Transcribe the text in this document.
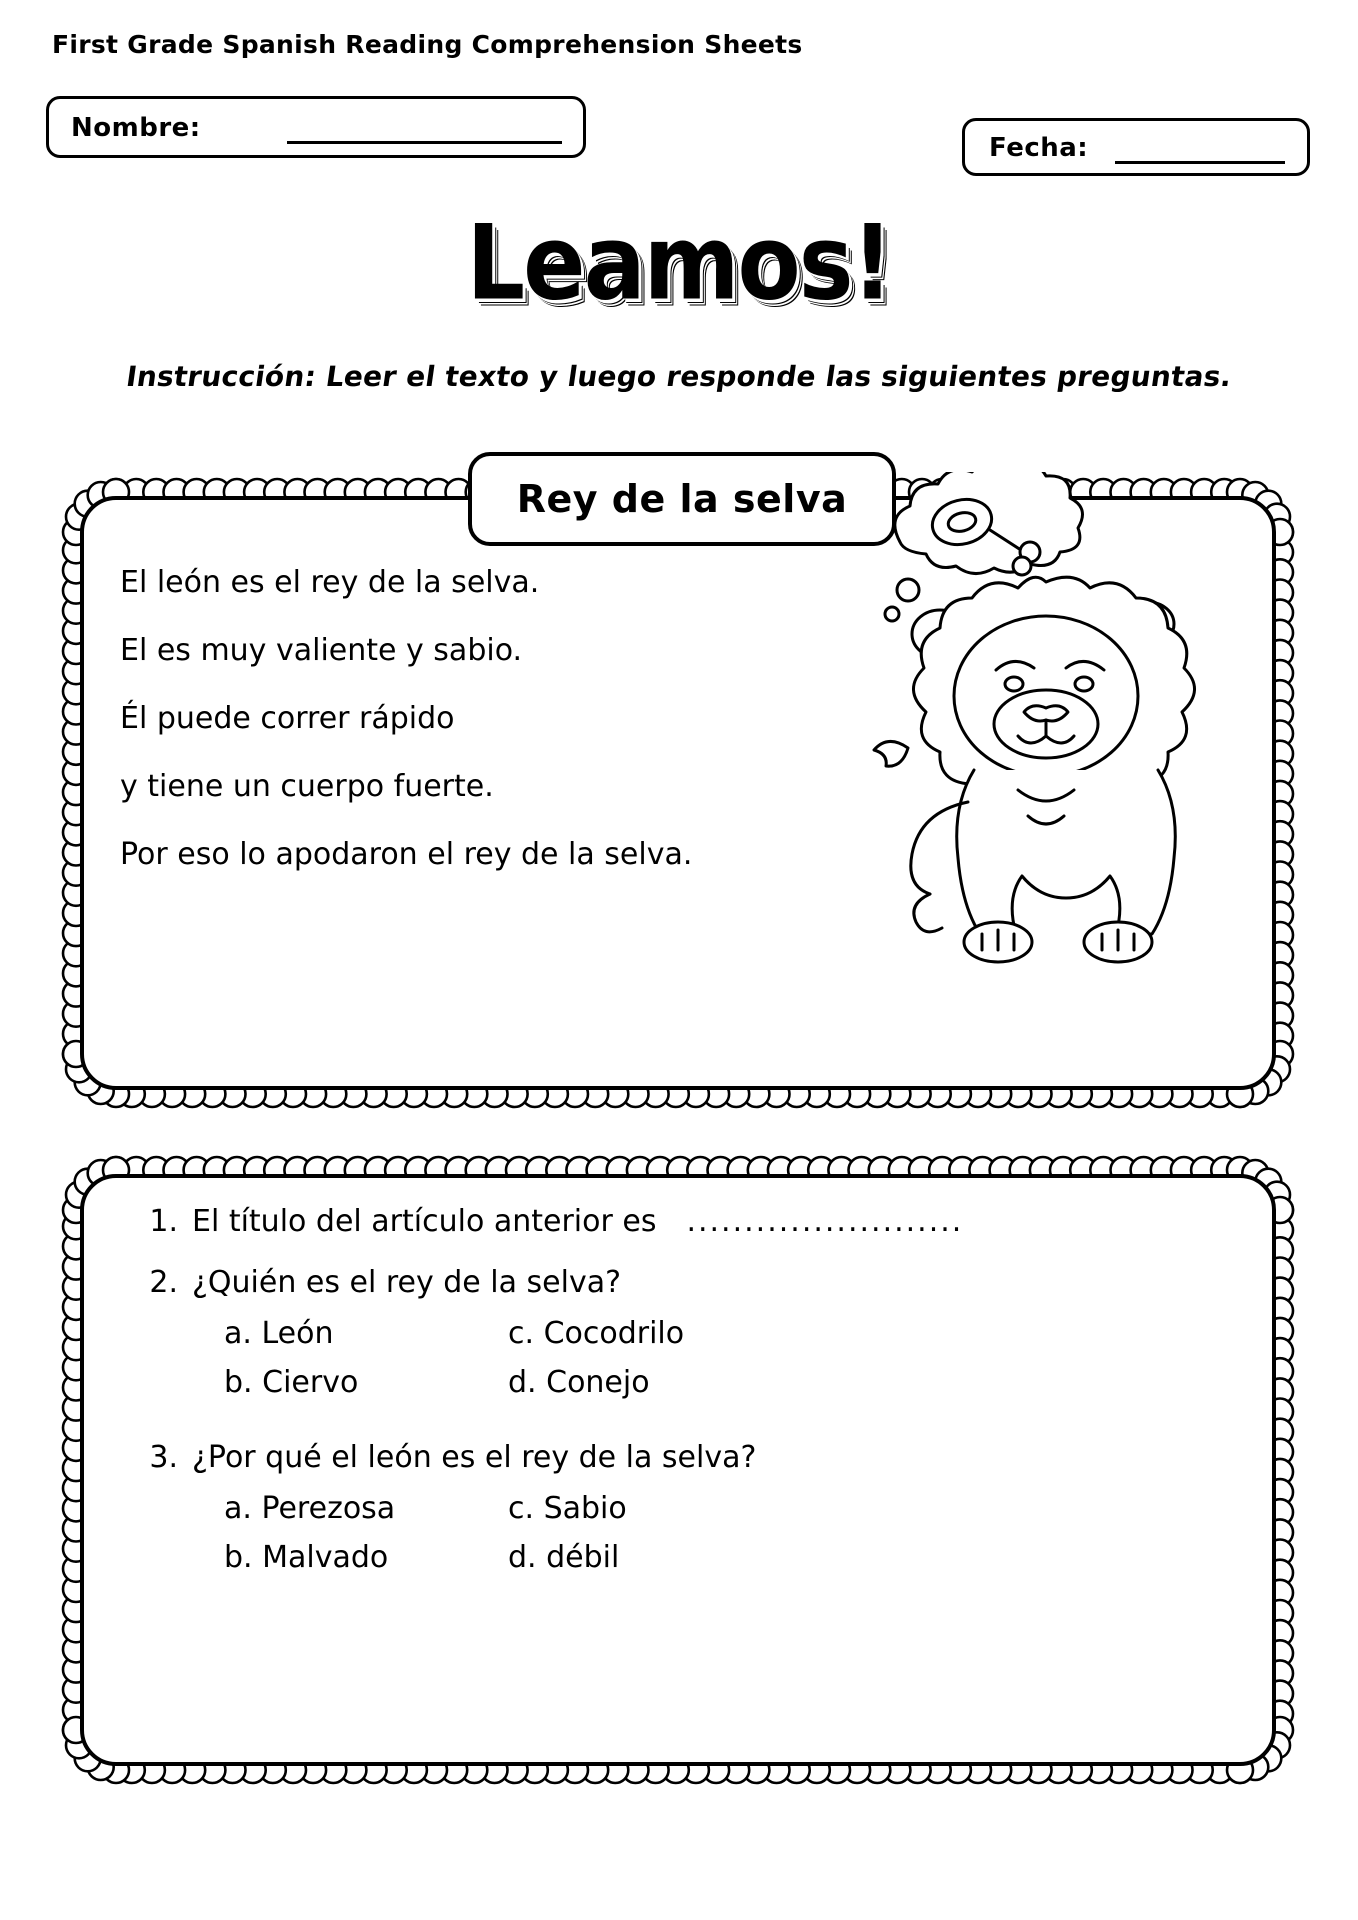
First Grade Spanish Reading Comprehension Sheets
Nombre:
Fecha:
Leamos!
Instrucción: Leer el texto y luego responde las siguientes preguntas.
El león es el rey de la selva.
El es muy valiente y sabio.
Él puede correr rápido
y tiene un cuerpo fuerte.
Por eso lo apodaron el rey de la selva.
Rey de la selva
1. El título del artículo anterior es ........................
2. ¿Quién es el rey de la selva?
a. León
b. Ciervo
c. Cocodrilo
d. Conejo
3. ¿Por qué el león es el rey de la selva?
a. Perezosa
b. Malvado
c. Sabio
d. débil
